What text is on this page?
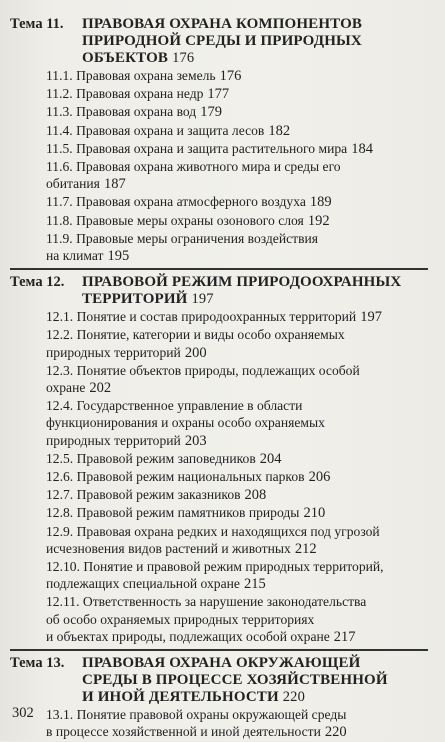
Тема 11.	ПРАВОВАЯ ОХРАНА КОМПОНЕНТОВ
ПРИРОДНОЙ СРЕДЫ И ПРИРОДНЫХ
ОБЪЕКТОВ 176
11.1. Правовая охрана земель 176
11.2. Правовая охрана недр 177
11.3. Правовая охрана вод 179
11.4. Правовая охрана и защита лесов 182
11.5. Правовая охрана и защита растительного мира 184
11.6. Правовая охрана животного мира и среды его
обитания 187
11.7. Правовая охрана атмосферного воздуха 189
11.8. Правовые меры охраны озонового слоя 192
11.9. Правовые меры ограничения воздействия
на климат 195
Тема 12.	ПРАВОВОЙ РЕЖИМ ПРИРОДООХРАННЫХ
ТЕРРИТОРИЙ 197
12.1. Понятие и состав природоохранных территорий 197
12.2. Понятие, категории и виды особо охраняемых
природных территорий 200
12.3. Понятие объектов природы, подлежащих особой
охране 202
12.4. Государственное управление в области
функционирования и охраны особо охраняемых
природных территорий 203
12.5. Правовой режим заповедников 204
12.6. Правовой режим национальных парков 206
12.7. Правовой режим заказников 208
12.8. Правовой режим памятников природы 210
12.9. Правовая охрана редких и находящихся под угрозой
исчезновения видов растений и животных 212
12.10. Понятие и правовой режим природных территорий,
подлежащих специальной охране 215
12.11. Ответственность за нарушение законодательства
об особо охраняемых природных территориях
и объектах природы, подлежащих особой охране 217
Тема 13.	ПРАВОВАЯ ОХРАНА ОКРУЖАЮЩЕЙ
СРЕДЫ В ПРОЦЕССЕ ХОЗЯЙСТВЕННОЙ
И ИНОЙ ДЕЯТЕЛЬНОСТИ 220
13.1. Понятие правовой охраны окружающей среды
в процессе хозяйственной и иной деятельности 220
302
